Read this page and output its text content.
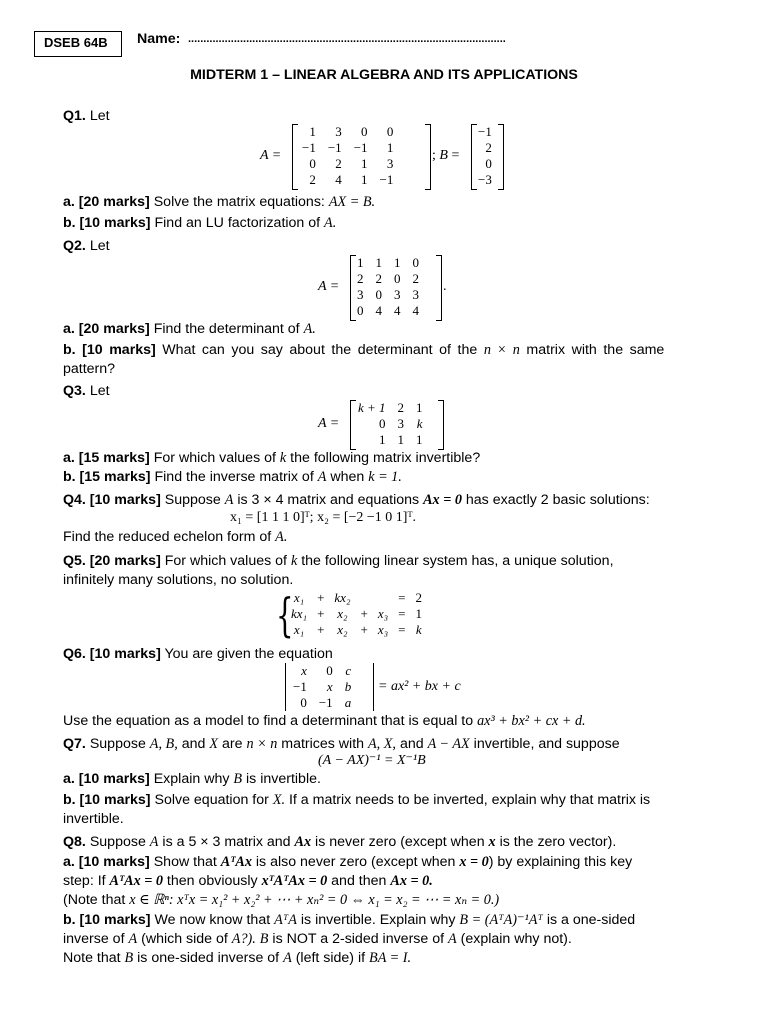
DSEB 64B Name: ........................................................................................................
MIDTERM 1 – LINEAR ALGEBRA AND ITS APPLICATIONS
Q1. Let
A =
1	3	0	0
−1	−1	−1	1
0	2	1	3
2	4	1	−1
; B =
−1
2
0
−3
a. [20 marks] Solve the matrix equations: AX = B.
b. [10 marks] Find an LU factorization of A.
Q2. Let
A =
1	1	1	0
2	2	0	2
3	0	3	3
0	4	4	4
.
a. [20 marks] Find the determinant of A.
b. [10 marks] What can you say about the determinant of the n × n matrix with the same
pattern?
Q3. Let
A =
k + 1	2	1
0	3	k
1	1	1
a. [15 marks] For which values of k the following matrix invertible?
b. [15 marks] Find the inverse matrix of A when k = 1.
Q4. [10 marks] Suppose A is 3 × 4 matrix and equations Ax = 0 has exactly 2 basic solutions:
x₁ = [1 1 1 0]ᵀ; x₂ = [−2 −1 0 1]ᵀ.
Find the reduced echelon form of A.
Q5. [20 marks] For which values of k the following linear system has, a unique solution,
infinitely many solutions, no solution.
{ x₁	+	kx₂			=	2
kx₁	+	x₂	+	x₃	=	1
x₁	+	x₂	+	x₃	=	k
Q6. [10 marks] You are given the equation
x	0	c
−1	x	b
0	−1	a
= ax² + bx + c
Use the equation as a model to find a determinant that is equal to ax³ + bx² + cx + d.
Q7. Suppose A, B, and X are n × n matrices with A, X, and A − AX invertible, and suppose
(A − AX)⁻¹ = X⁻¹B
a. [10 marks] Explain why B is invertible.
b. [10 marks] Solve equation for X. If a matrix needs to be inverted, explain why that matrix is
invertible.
Q8. Suppose A is a 5 × 3 matrix and Ax is never zero (except when x is the zero vector).
a. [10 marks] Show that AᵀAx is also never zero (except when x = 0) by explaining this key
step: If AᵀAx = 0 then obviously xᵀAᵀAx = 0 and then Ax = 0.
(Note that x ∈ ℝⁿ: xᵀx = x₁² + x₂² + ⋯ + xₙ² = 0 ⇔ x₁ = x₂ = ⋯ = xₙ = 0.)
b. [10 marks] We now know that AᵀA is invertible. Explain why B = (AᵀA)⁻¹Aᵀ is a one-sided
inverse of A (which side of A?). B is NOT a 2-sided inverse of A (explain why not).
Note that B is one-sided inverse of A (left side) if BA = I.
